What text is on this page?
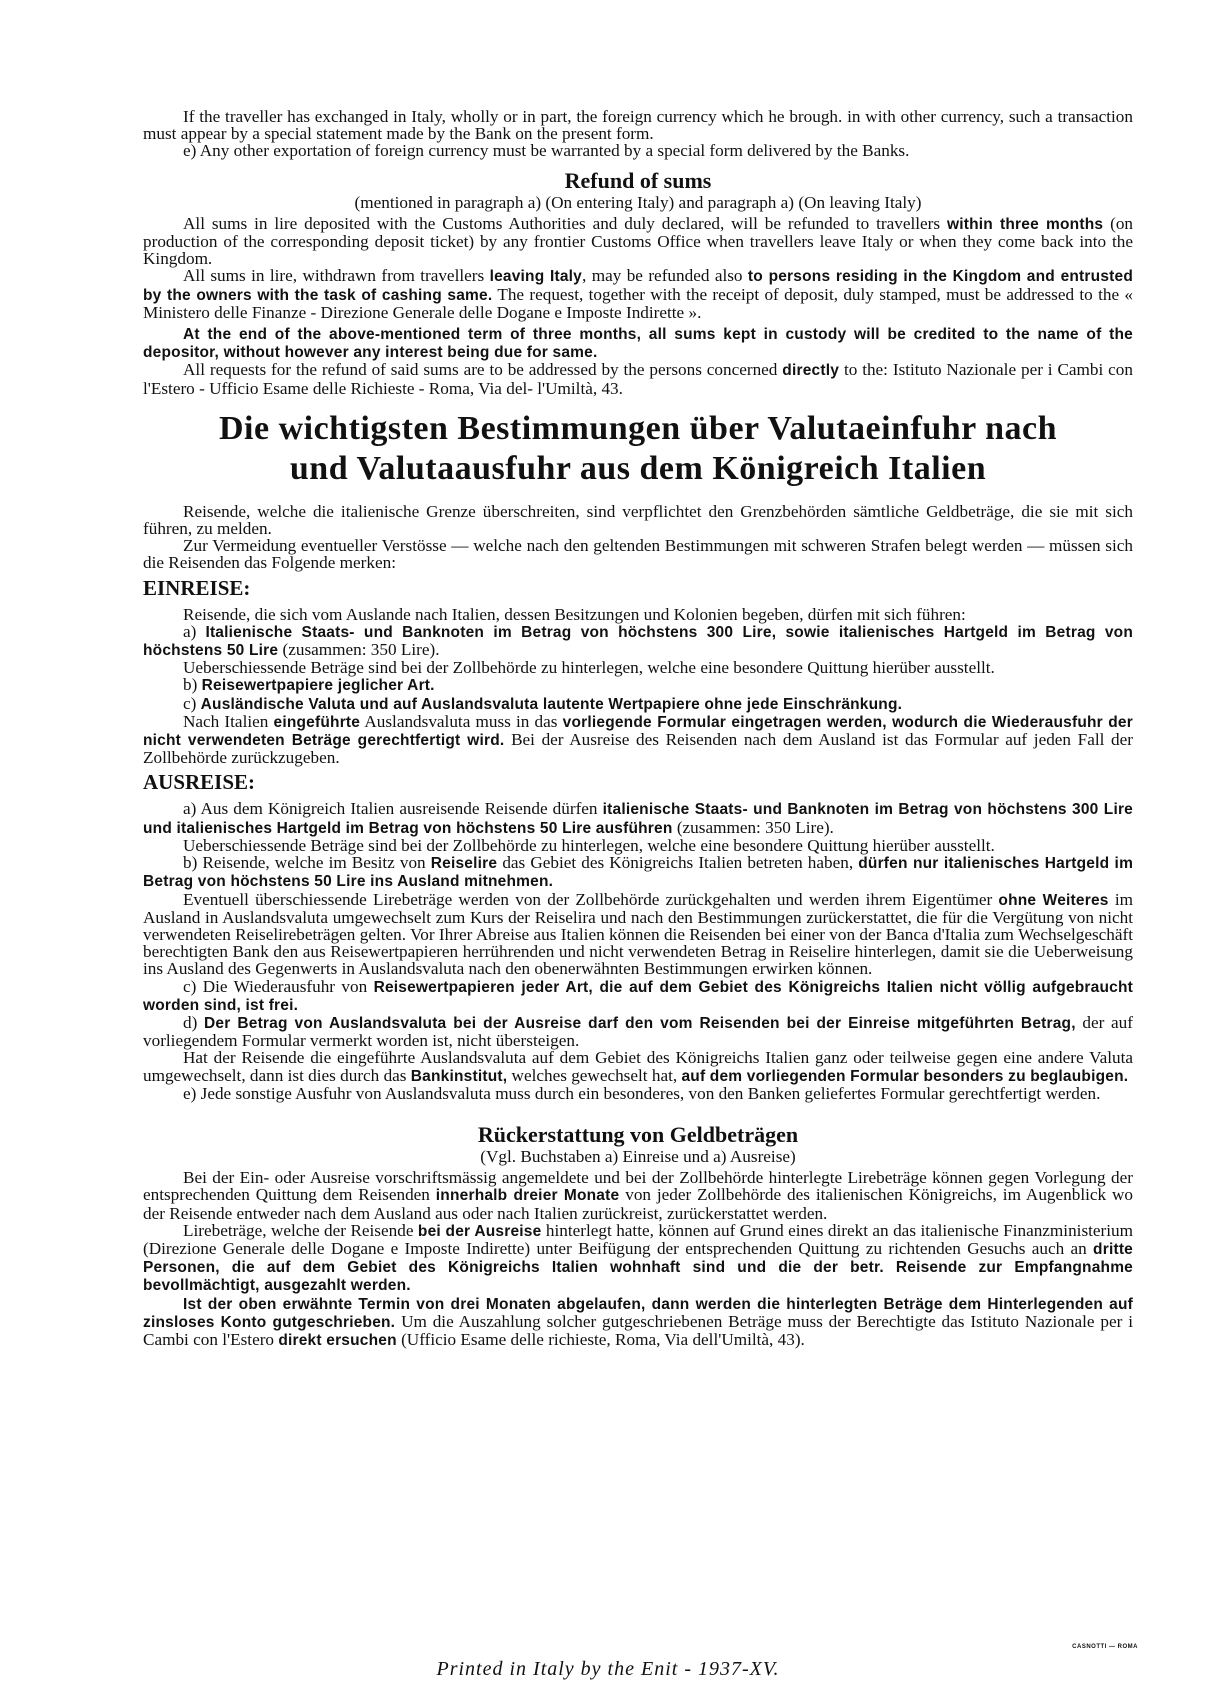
If the traveller has exchanged in Italy, wholly or in part, the foreign currency which he brough. in with other currency, such a transaction must appear by a special statement made by the Bank on the present form.

e) Any other exportation of foreign currency must be warranted by a special form delivered by the Banks.

Refund of sums
(mentioned in paragraph a) (On entering Italy) and paragraph a) (On leaving Italy)

All sums in lire deposited with the Customs Authorities and duly declared, will be refunded to travellers within three months (on production of the corresponding deposit ticket) by any frontier Customs Office when travellers leave Italy or when they come back into the Kingdom.

All sums in lire, withdrawn from travellers leaving Italy, may be refunded also to persons residing in the Kingdom and entrusted by the owners with the task of cashing same. The request, together with the receipt of deposit, duly stamped, must be addressed to the « Ministero delle Finanze - Direzione Generale delle Dogane e Imposte Indirette ».

At the end of the above-mentioned term of three months, all sums kept in custody will be credited to the name of the depositor, without however any interest being due for same.

All requests for the refund of said sums are to be addressed by the persons concerned directly to the: Istituto Nazionale per i Cambi con l'Estero - Ufficio Esame delle Richieste - Roma, Via del- l'Umiltà, 43.

Die wichtigsten Bestimmungen über Valutaeinfuhr nach
und Valutaausfuhr aus dem Königreich Italien

Reisende, welche die italienische Grenze überschreiten, sind verpflichtet den Grenzbehörden sämtliche Geldbeträge, die sie mit sich führen, zu melden.

Zur Vermeidung eventueller Verstösse — welche nach den geltenden Bestimmungen mit schweren Strafen belegt werden — müssen sich die Reisenden das Folgende merken:

EINREISE:

Reisende, die sich vom Auslande nach Italien, dessen Besitzungen und Kolonien begeben, dürfen mit sich führen:

a) Italienische Staats- und Banknoten im Betrag von höchstens 300 Lire, sowie italienisches Hartgeld im Betrag von höchstens 50 Lire (zusammen: 350 Lire).

Ueberschiessende Beträge sind bei der Zollbehörde zu hinterlegen, welche eine besondere Quittung hierüber ausstellt.

b) Reisewertpapiere jeglicher Art.

c) Ausländische Valuta und auf Auslandsvaluta lautente Wertpapiere ohne jede Einschränkung.

Nach Italien eingeführte Auslandsvaluta muss in das vorliegende Formular eingetragen werden, wodurch die Wiederausfuhr der nicht verwendeten Beträge gerechtfertigt wird. Bei der Ausreise des Reisenden nach dem Ausland ist das Formular auf jeden Fall der Zollbehörde zurückzugeben.

AUSREISE:

a) Aus dem Königreich Italien ausreisende Reisende dürfen italienische Staats- und Banknoten im Betrag von höchstens 300 Lire und italienisches Hartgeld im Betrag von höchstens 50 Lire ausführen (zusammen: 350 Lire).

Ueberschiessende Beträge sind bei der Zollbehörde zu hinterlegen, welche eine besondere Quittung hierüber ausstellt.

b) Reisende, welche im Besitz von Reiselire das Gebiet des Königreichs Italien betreten haben, dürfen nur italienisches Hartgeld im Betrag von höchstens 50 Lire ins Ausland mitnehmen.

Eventuell überschiessende Lirebeträge werden von der Zollbehörde zurückgehalten und werden ihrem Eigentümer ohne Weiteres im Ausland in Auslandsvaluta umgewechselt zum Kurs der Reiselira und nach den Bestimmungen zurückerstattet, die für die Vergütung von nicht verwendeten Reiselirebeträgen gelten. Vor Ihrer Abreise aus Italien können die Reisenden bei einer von der Banca d'Italia zum Wechselgeschäft berechtigten Bank den aus Reisewertpapieren herrührenden und nicht verwendeten Betrag in Reiselire hinterlegen, damit sie die Ueberweisung ins Ausland des Gegenwerts in Auslandsvaluta nach den obenerwähnten Bestimmungen erwirken können.

c) Die Wiederausfuhr von Reisewertpapieren jeder Art, die auf dem Gebiet des Königreichs Italien nicht völlig aufgebraucht worden sind, ist frei.

d) Der Betrag von Auslandsvaluta bei der Ausreise darf den vom Reisenden bei der Einreise mitgeführten Betrag, der auf vorliegendem Formular vermerkt worden ist, nicht übersteigen.

Hat der Reisende die eingeführte Auslandsvaluta auf dem Gebiet des Königreichs Italien ganz oder teilweise gegen eine andere Valuta umgewechselt, dann ist dies durch das Bankinstitut, welches gewechselt hat, auf dem vorliegenden Formular besonders zu beglaubigen.

e) Jede sonstige Ausfuhr von Auslandsvaluta muss durch ein besonderes, von den Banken geliefertes Formular gerechtfertigt werden.

Rückerstattung von Geldbeträgen
(Vgl. Buchstaben a) Einreise und a) Ausreise)

Bei der Ein- oder Ausreise vorschriftsmässig angemeldete und bei der Zollbehörde hinterlegte Lirebeträge können gegen Vorlegung der entsprechenden Quittung dem Reisenden innerhalb dreier Monate von jeder Zollbehörde des italienischen Königreichs, im Augenblick wo der Reisende entweder nach dem Ausland aus oder nach Italien zurückreist, zurückerstattet werden.

Lirebeträge, welche der Reisende bei der Ausreise hinterlegt hatte, können auf Grund eines direkt an das italienische Finanzministerium (Direzione Generale delle Dogane e Imposte Indirette) unter Beifügung der entsprechenden Quittung zu richtenden Gesuchs auch an dritte Personen, die auf dem Gebiet des Königreichs Italien wohnhaft sind und die der betr. Reisende zur Empfangnahme bevollmächtigt, ausgezahlt werden.

Ist der oben erwähnte Termin von drei Monaten abgelaufen, dann werden die hinterlegten Beträge dem Hinterlegenden auf zinsloses Konto gutgeschrieben. Um die Auszahlung solcher gutgeschriebenen Beträge muss der Berechtigte das Istituto Nazionale per i Cambi con l'Estero direkt ersuchen (Ufficio Esame delle richieste, Roma, Via dell'Umiltà, 43).

CASNOTTI — ROMA
Printed in Italy by the Enit - 1937-XV.
